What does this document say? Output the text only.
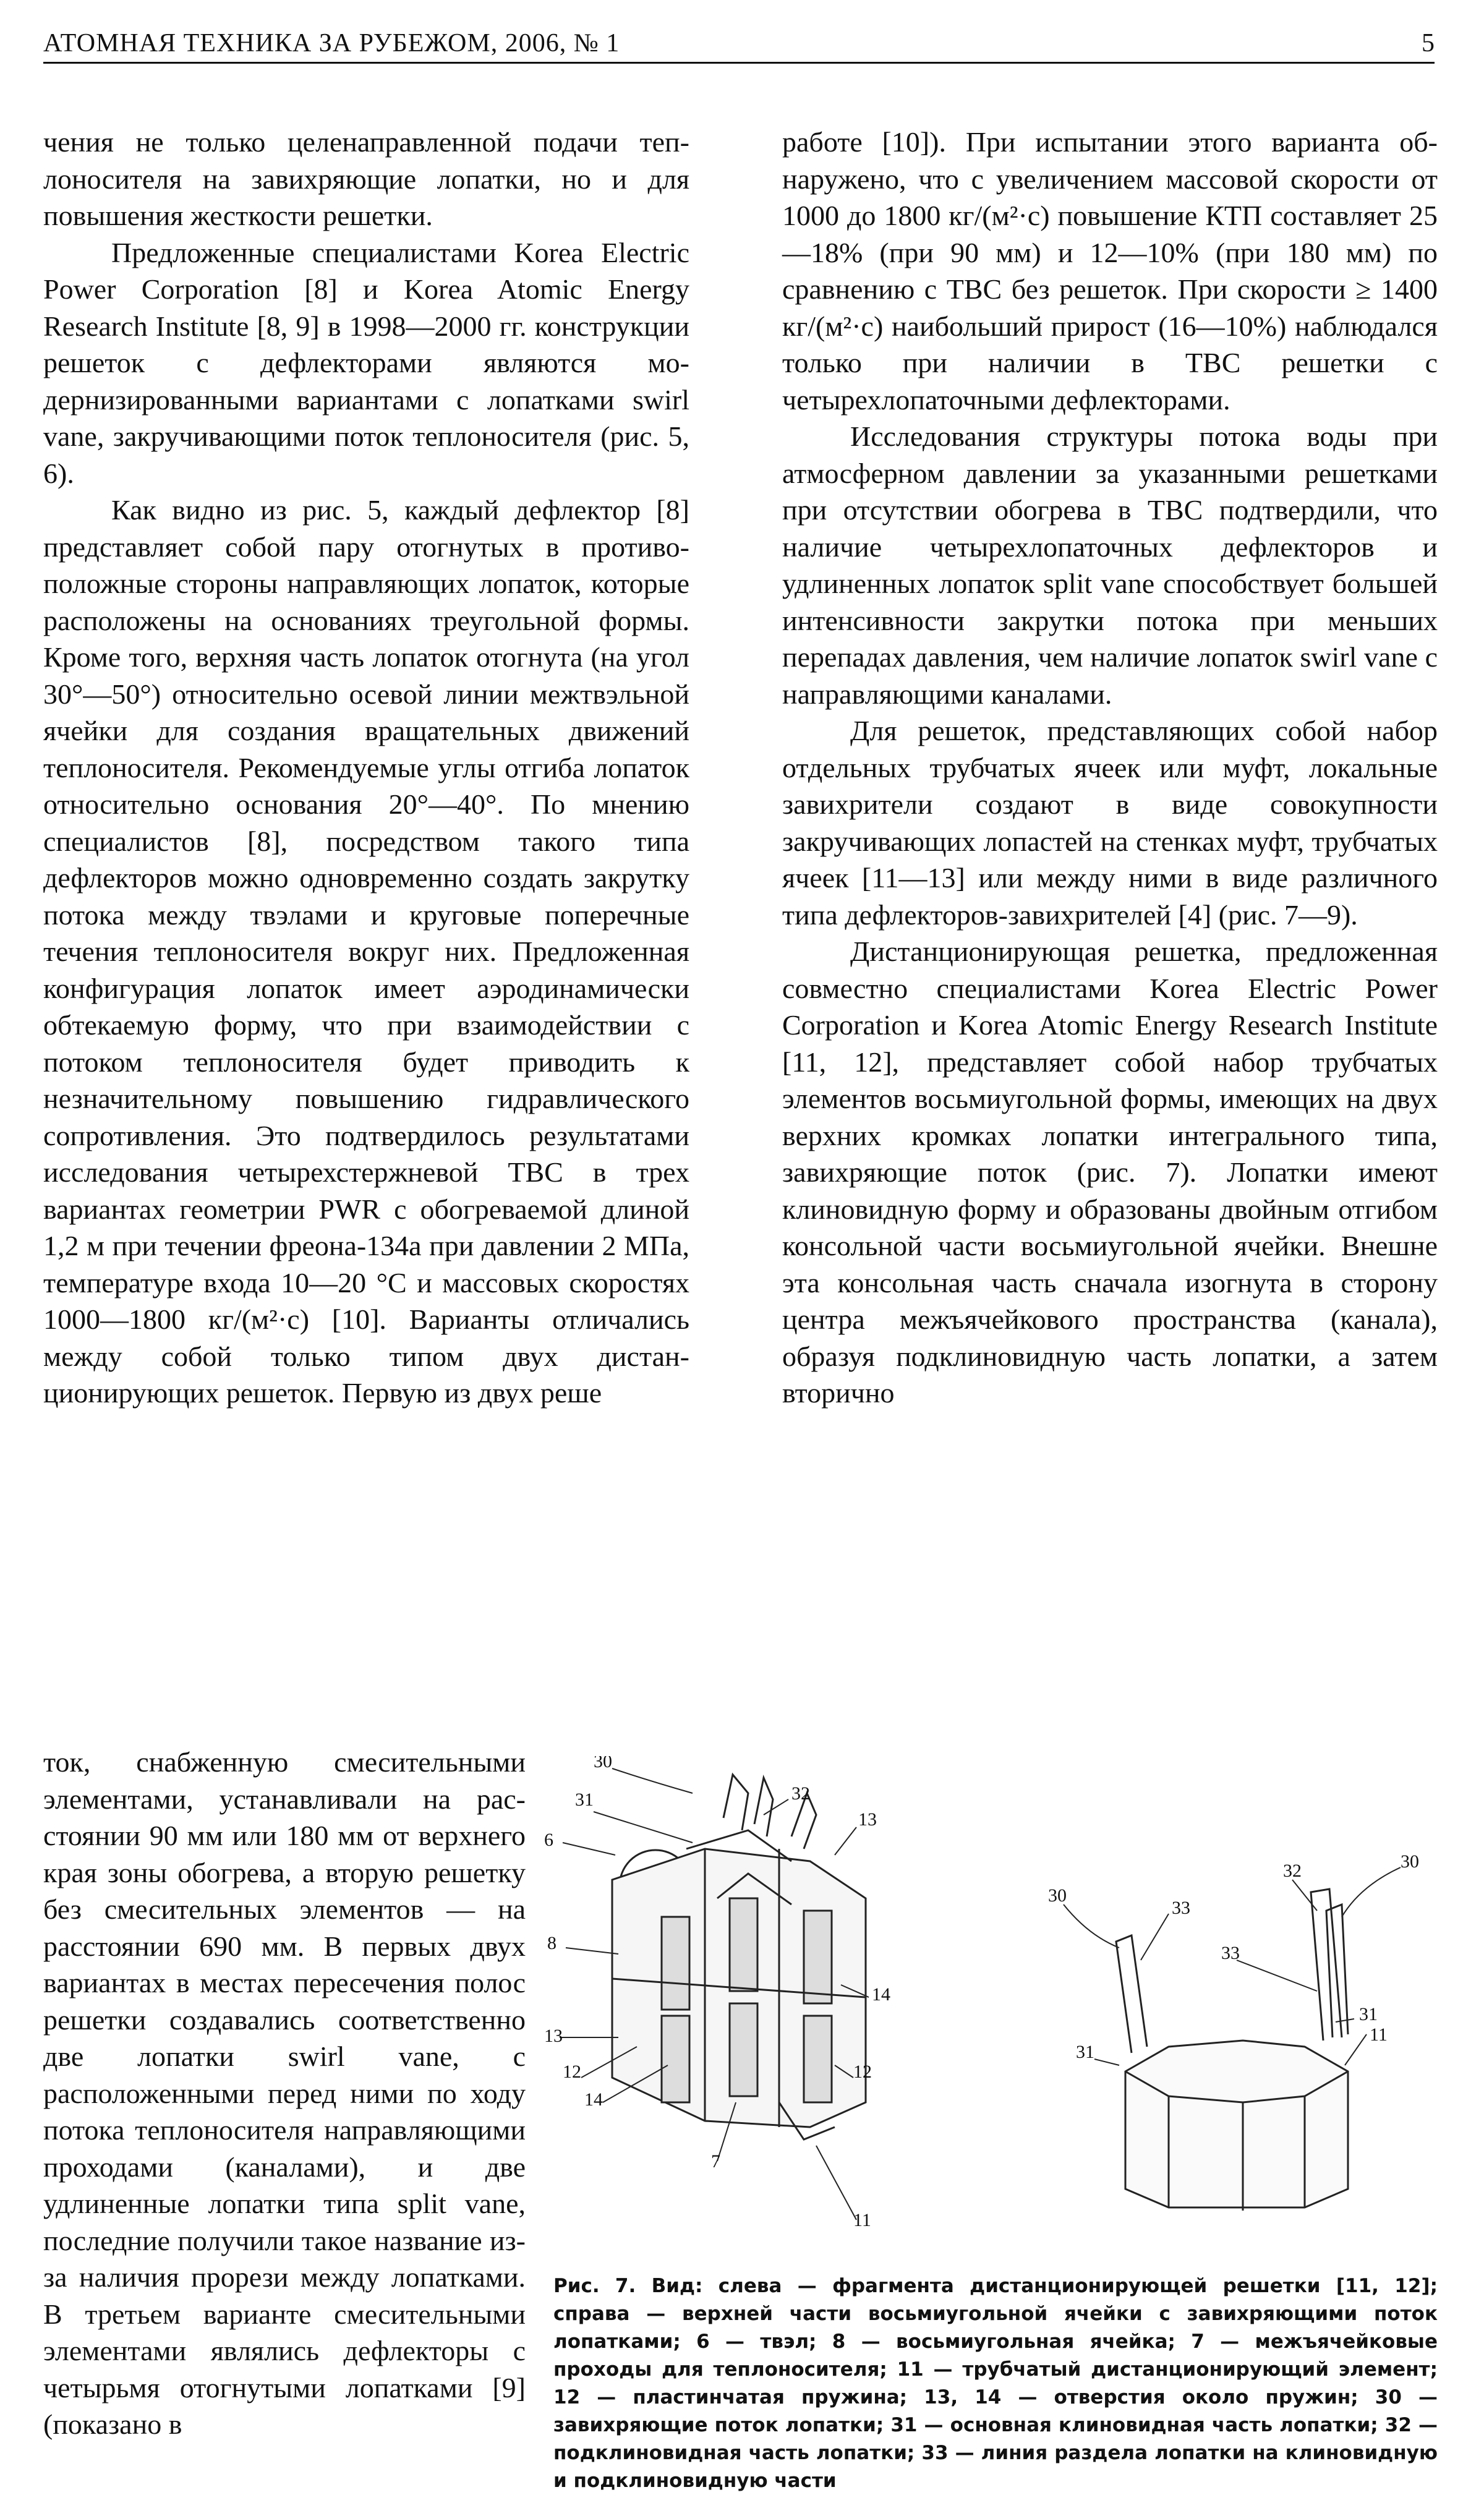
АТОМНАЯ ТЕХНИКА ЗА РУБЕЖОМ, 2006, № 1	5

чения не только целенаправленной подачи теплоносителя на завихряющие лопатки, но и для повышения жесткости решетки.

Предложенные специалистами Korea Electric Power Corporation [8] и Korea Atomic Energy Research Institute [8, 9] в 1998—2000 гг. конструкции решеток с дефлекторами являются модернизированными вариантами с лопатками swirl vane, закручивающими поток теплоносителя (рис. 5, 6).

Как видно из рис. 5, каждый дефлектор [8] представляет собой пару отогнутых в противоположные стороны направляющих лопаток, которые расположены на основаниях треугольной формы. Кроме того, верхняя часть лопаток отогнута (на угол 30°—50°) относительно осевой линии межтвэльной ячейки для создания вращательных движений теплоносителя. Рекомендуемые углы отгиба лопаток относительно основания 20°—40°. По мнению специалистов [8], посредством такого типа дефлекторов можно одновременно создать закрутку потока между твэлами и круговые поперечные течения теплоносителя вокруг них. Предложенная конфигурация лопаток имеет аэродинамически обтекаемую форму, что при взаимодействии с потоком теплоносителя будет приводить к незначительному повышению гидравлического сопротивления. Это подтвердилось результатами исследования четырехстержневой ТВС в трех вариантах геометрии PWR с обогреваемой длиной 1,2 м при течении фреона-134а при давлении 2 МПа, температуре входа 10—20 °С и массовых скоростях 1000—1800 кг/(м²·с) [10]. Варианты отличались между собой только типом двух дистанционирующих решеток. Первую из двух реше

ток, снабженную смесительными элементами, устанавливали на расстоянии 90 мм или 180 мм от верхнего края зоны обогрева, а вторую решетку без смесительных элементов — на расстоянии 690 мм. В первых двух вариантах в местах пересечения полос решетки создавались соответственно две лопатки swirl vane, с расположенными перед ними по ходу потока теплоносителя направляющими проходами (каналами), и две удлиненные лопатки типа split vane, последние получили такое название из-за наличия прорези между лопатками. В третьем варианте смесительными элементами являлись дефлекторы с четырьмя отогнутыми лопатками [9] (показано в

работе [10]). При испытании этого варианта обнаружено, что с увеличением массовой скорости от 1000 до 1800 кг/(м²·с) повышение КТП составляет 25—18% (при 90 мм) и 12—10% (при 180 мм) по сравнению с ТВС без решеток. При скорости ≥ 1400 кг/(м²·с) наибольший прирост (16—10%) наблюдался только при наличии в ТВС решетки с четырехлопаточными дефлекторами.

Исследования структуры потока воды при атмосферном давлении за указанными решетками при отсутствии обогрева в ТВС подтвердили, что наличие четырехлопаточных дефлекторов и удлиненных лопаток split vane способствует большей интенсивности закрутки потока при меньших перепадах давления, чем наличие лопаток swirl vane с направляющими каналами.

Для решеток, представляющих собой набор отдельных трубчатых ячеек или муфт, локальные завихрители создают в виде совокупности закручивающих лопастей на стенках муфт, трубчатых ячеек [11—13] или между ними в виде различного типа дефлекторов-завихрителей [4] (рис. 7—9).

Дистанционирующая решетка, предложенная совместно специалистами Korea Electric Power Corporation и Korea Atomic Energy Research Institute [11, 12], представляет собой набор трубчатых элементов восьмиугольной формы, имеющих на двух верхних кромках лопатки интегрального типа, завихряющие поток (рис. 7). Лопатки имеют клиновидную форму и образованы двойным отгибом консольной части восьмиугольной ячейки. Внешне эта консольная часть сначала изогнута в сторону центра межъячейкового пространства (канала), образуя подклиновидную часть лопатки, а затем вторично

30
31	32
13
6
8
14
13
12
14
7
12
11
32	30
30
33
33
31
31
11

Рис. 7. Вид: слева — фрагмента дистанционирующей решетки [11, 12]; справа — верхней части восьмиугольной ячейки с завихряющими поток лопатками; 6 — твэл; 8 — восьмиугольная ячейка; 7 — межъячейковые проходы для теплоносителя; 11 — трубчатый дистанционирующий элемент; 12 — пластинчатая пружина; 13, 14 — отверстия около пружин; 30 — завихряющие поток лопатки; 31 — основная клиновидная часть лопатки; 32 — подклиновидная часть лопатки; 33 — линия раздела лопатки на клиновидную и подклиновидную части
